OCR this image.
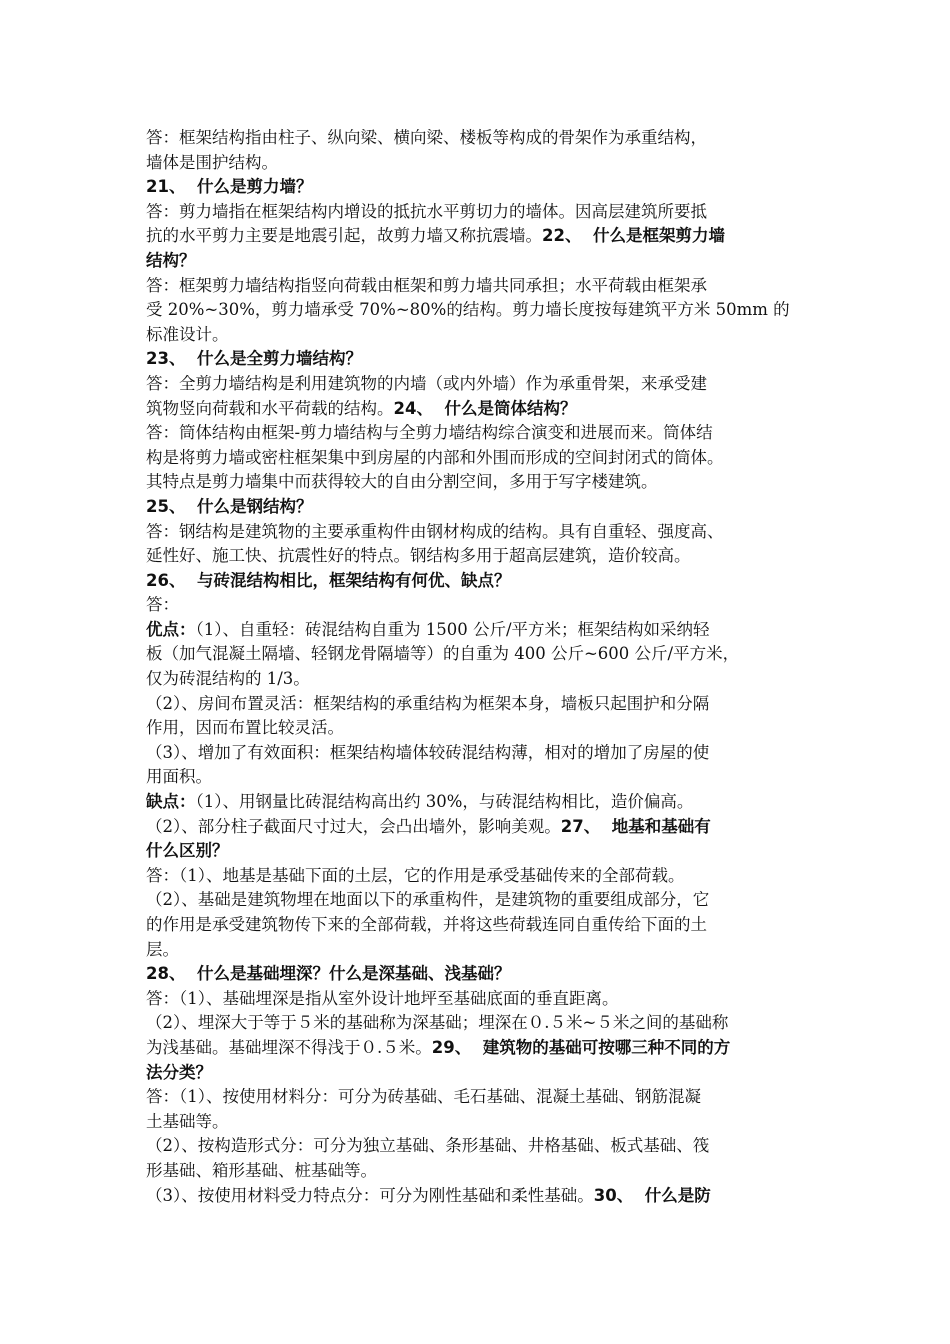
答：框架结构指由柱子、纵向梁、横向梁、楼板等构成的骨架作为承重结构，
墙体是围护结构。
21、  什么是剪力墙？
答：剪力墙指在框架结构内增设的抵抗水平剪切力的墙体。因高层建筑所要抵
抗的水平剪力主要是地震引起，故剪力墙又称抗震墙。22、  什么是框架剪力墙
结构？
答：框架剪力墙结构指竖向荷载由框架和剪力墙共同承担；水平荷载由框架承
受 20%~30%，剪力墙承受 70%~80%的结构。剪力墙长度按每建筑平方米 50mm 的
标准设计。
23、  什么是全剪力墙结构？
答：全剪力墙结构是利用建筑物的内墙（或内外墙）作为承重骨架，来承受建
筑物竖向荷载和水平荷载的结构。24、  什么是筒体结构？
答：筒体结构由框架-剪力墙结构与全剪力墙结构综合演变和进展而来。筒体结
构是将剪力墙或密柱框架集中到房屋的内部和外围而形成的空间封闭式的筒体。
其特点是剪力墙集中而获得较大的自由分割空间，多用于写字楼建筑。
25、  什么是钢结构？
答：钢结构是建筑物的主要承重构件由钢材构成的结构。具有自重轻、强度高、
延性好、施工快、抗震性好的特点。钢结构多用于超高层建筑，造价较高。
26、  与砖混结构相比，框架结构有何优、缺点？
答：
优点：（1）、自重轻：砖混结构自重为 1500 公斤/平方米；框架结构如采纳轻
板（加气混凝土隔墙、轻钢龙骨隔墙等）的自重为 400 公斤~600 公斤/平方米，
仅为砖混结构的 1/3。
（2）、房间布置灵活：框架结构的承重结构为框架本身，墙板只起围护和分隔
作用，因而布置比较灵活。
（3）、增加了有效面积：框架结构墙体较砖混结构薄，相对的增加了房屋的使
用面积。
缺点：（1）、用钢量比砖混结构高出约 30%，与砖混结构相比，造价偏高。
（2）、部分柱子截面尺寸过大，会凸出墙外，影响美观。27、  地基和基础有
什么区别？
答：（1）、地基是基础下面的土层，它的作用是承受基础传来的全部荷载。
（2）、基础是建筑物埋在地面以下的承重构件，是建筑物的重要组成部分，它
的作用是承受建筑物传下来的全部荷载，并将这些荷载连同自重传给下面的土
层。
28、  什么是基础埋深？什么是深基础、浅基础？
答：（1）、基础埋深是指从室外设计地坪至基础底面的垂直距离。
（2）、埋深大于等于５米的基础称为深基础；埋深在０.５米~５米之间的基础称
为浅基础。基础埋深不得浅于０.５米。29、  建筑物的基础可按哪三种不同的方
法分类？
答：（1）、按使用材料分：可分为砖基础、毛石基础、混凝土基础、钢筋混凝
土基础等。
（2）、按构造形式分：可分为独立基础、条形基础、井格基础、板式基础、筏
形基础、箱形基础、桩基础等。
（3）、按使用材料受力特点分：可分为刚性基础和柔性基础。30、  什么是防
